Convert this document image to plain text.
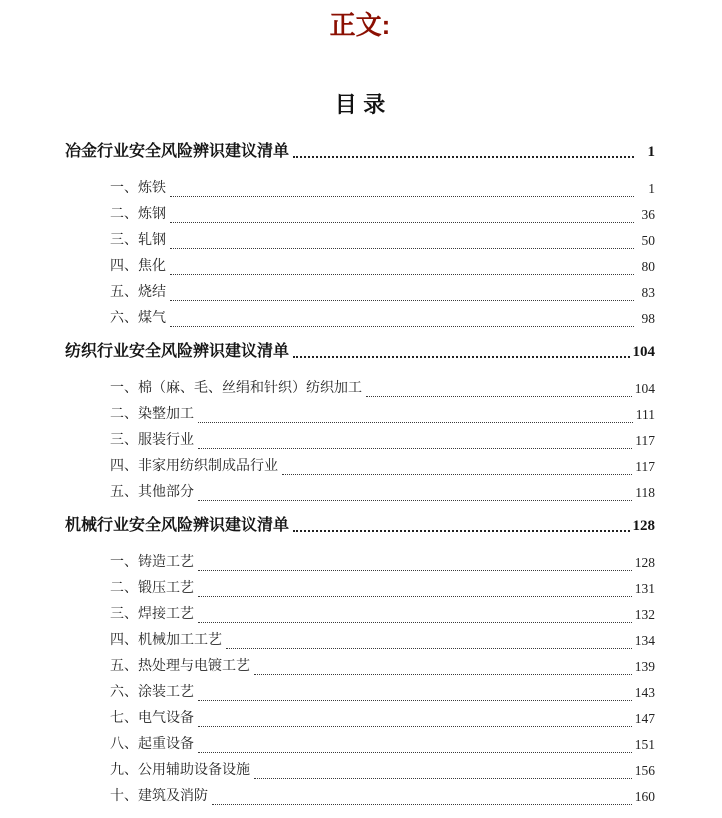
正文:
目录
冶金行业安全风险辨识建议清单	1
一、炼铁	1
二、炼钢	36
三、轧钢	50
四、焦化	80
五、烧结	83
六、煤气	98
纺织行业安全风险辨识建议清单	104
一、棉（麻、毛、丝绢和针织）纺织加工	104
二、染整加工	111
三、服装行业	117
四、非家用纺织制成品行业	117
五、其他部分	118
机械行业安全风险辨识建议清单	128
一、铸造工艺	128
二、锻压工艺	131
三、焊接工艺	132
四、机械加工工艺	134
五、热处理与电镀工艺	139
六、涂装工艺	143
七、电气设备	147
八、起重设备	151
九、公用辅助设备设施	156
十、建筑及消防	160
